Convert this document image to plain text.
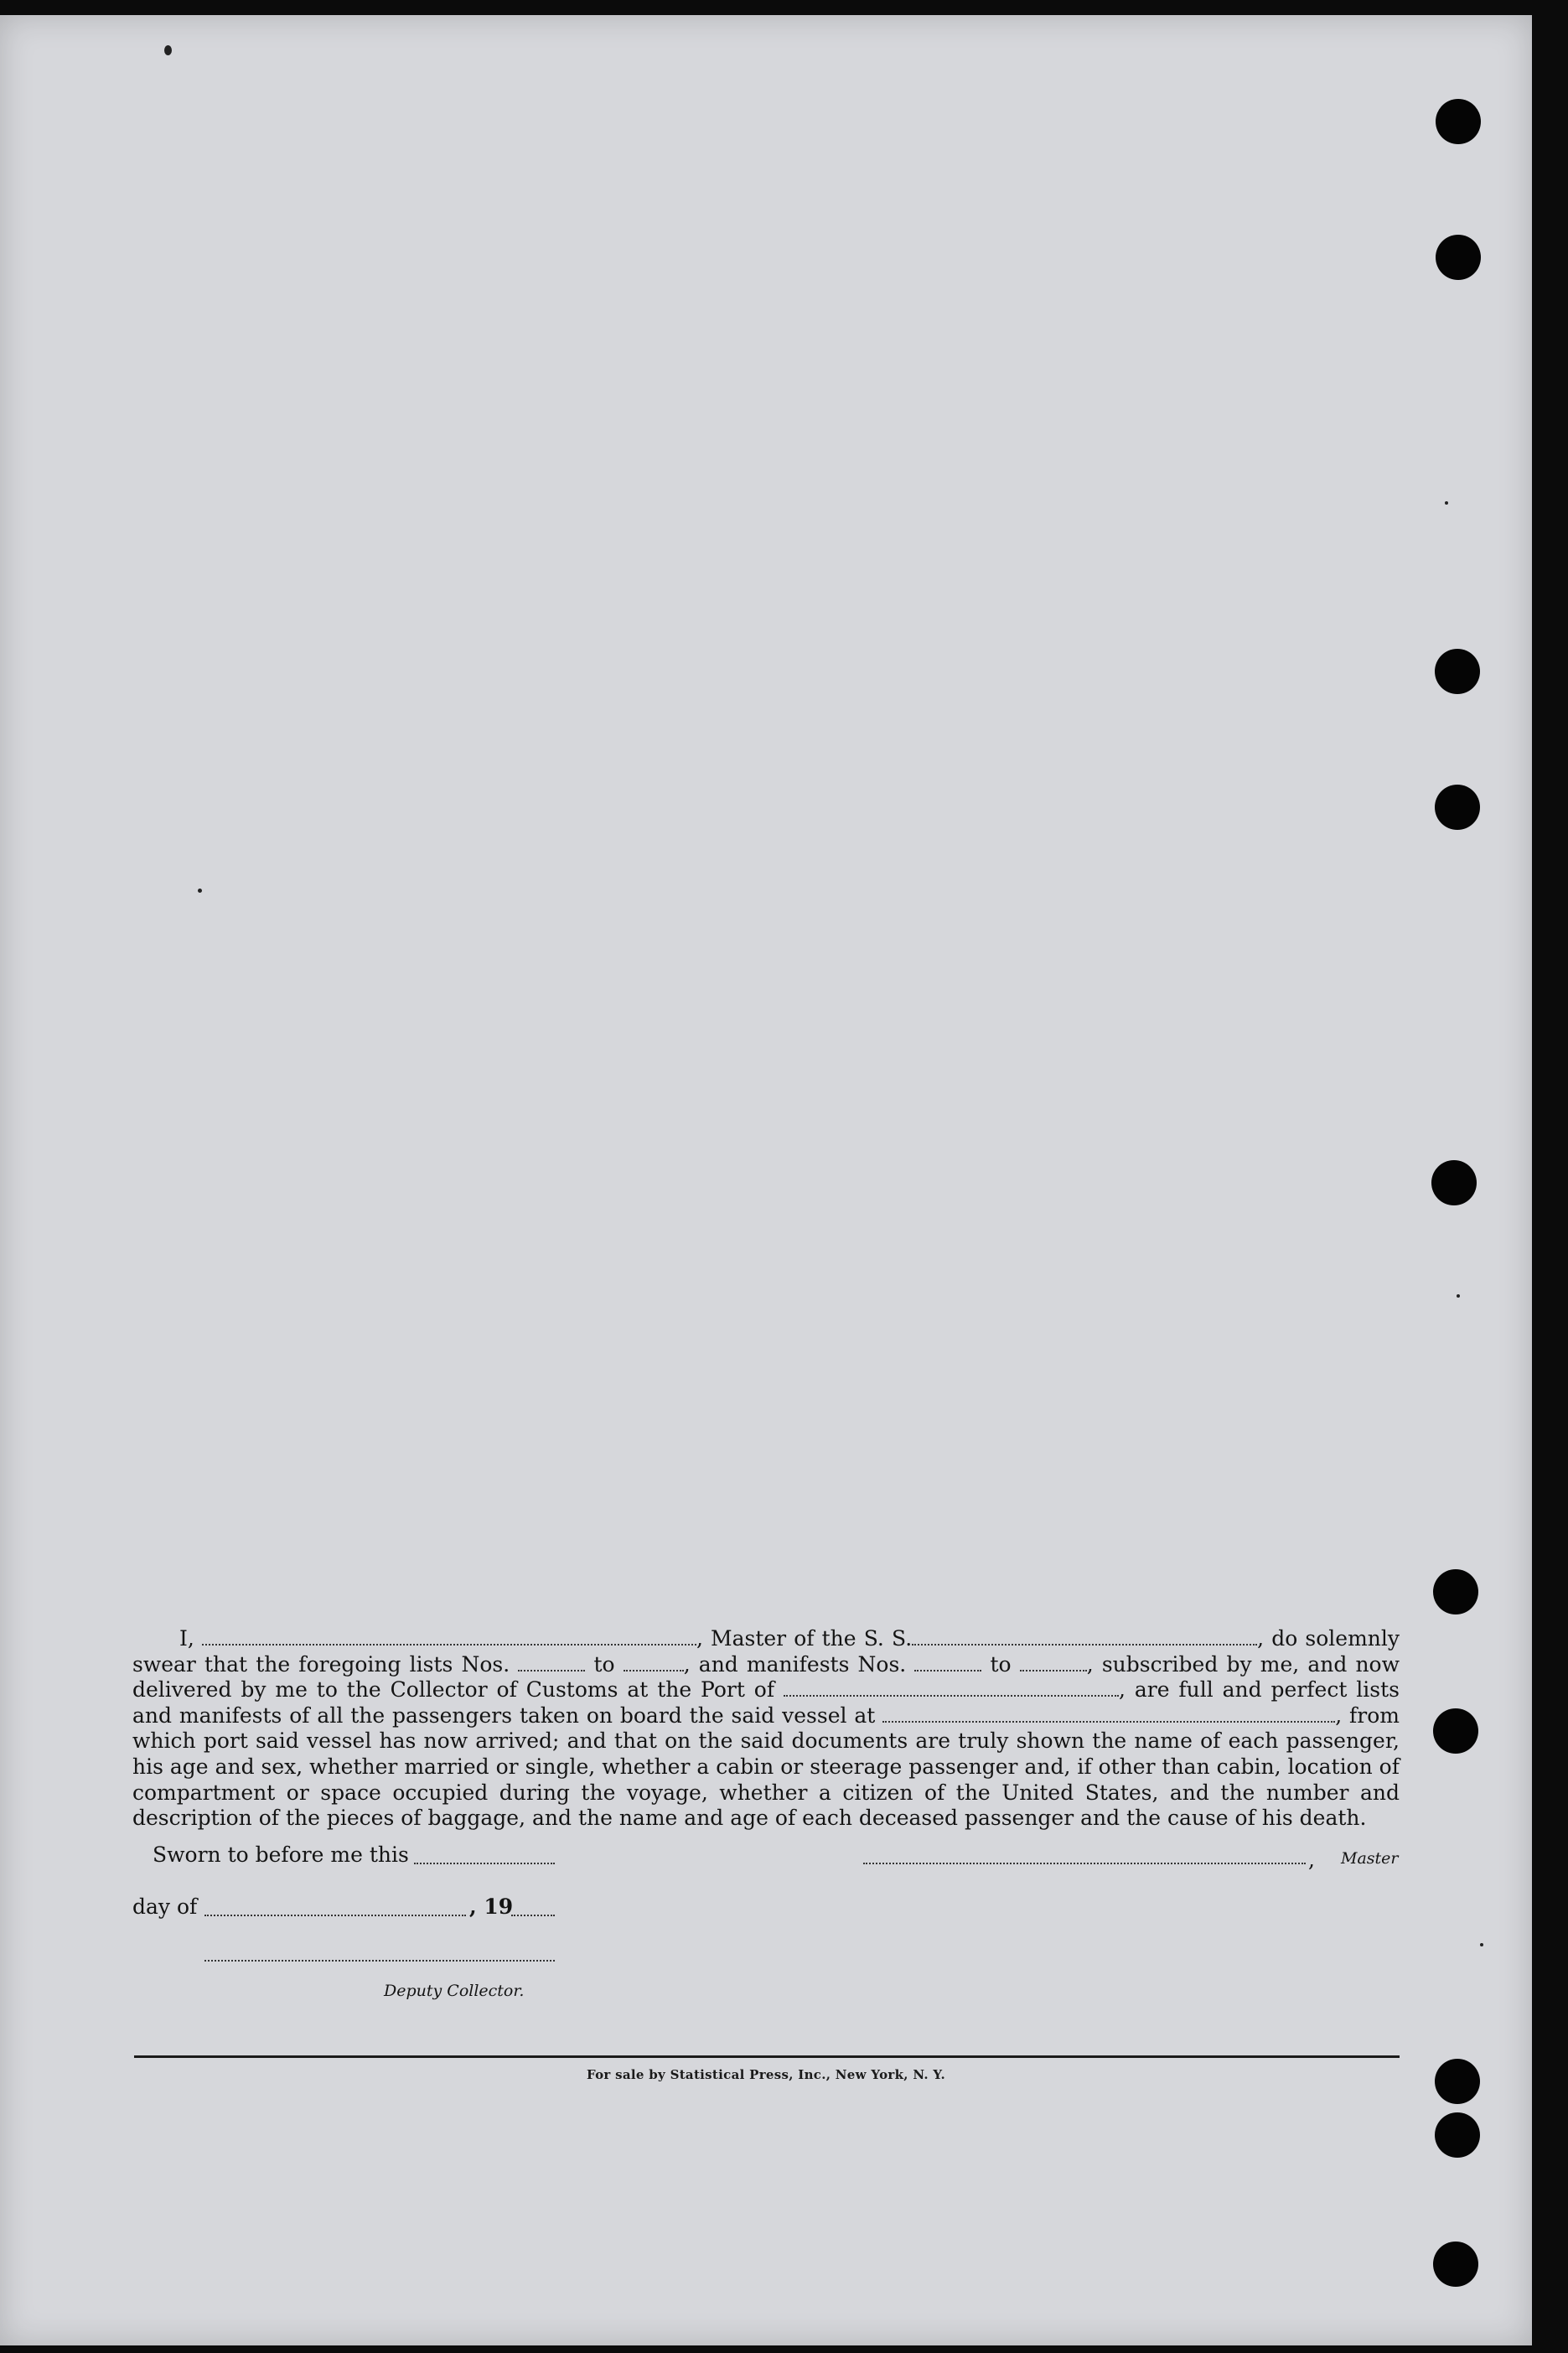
I,	, Master of the S. S.	, do solemnly swear that the foregoing lists Nos.	to	, and manifests Nos.	to	, subscribed by me, and now delivered by me to the Collector of Customs at the Port of	, are full and perfect lists and manifests of all the passengers taken on board the said vessel at	, from which port said vessel has now arrived; and that on the said documents are truly shown the name of each passenger, his age and sex, whether married or single, whether a cabin or steerage passenger and, if other than cabin, location of compartment or space occupied during the voyage, whether a citizen of the United States, and the number and description of the pieces of baggage, and the name and age of each deceased passenger and the cause of his death.
Sworn to before me this	, Master
day of	, 19
Deputy Collector.
For sale by Statistical Press, Inc., New York, N. Y.
